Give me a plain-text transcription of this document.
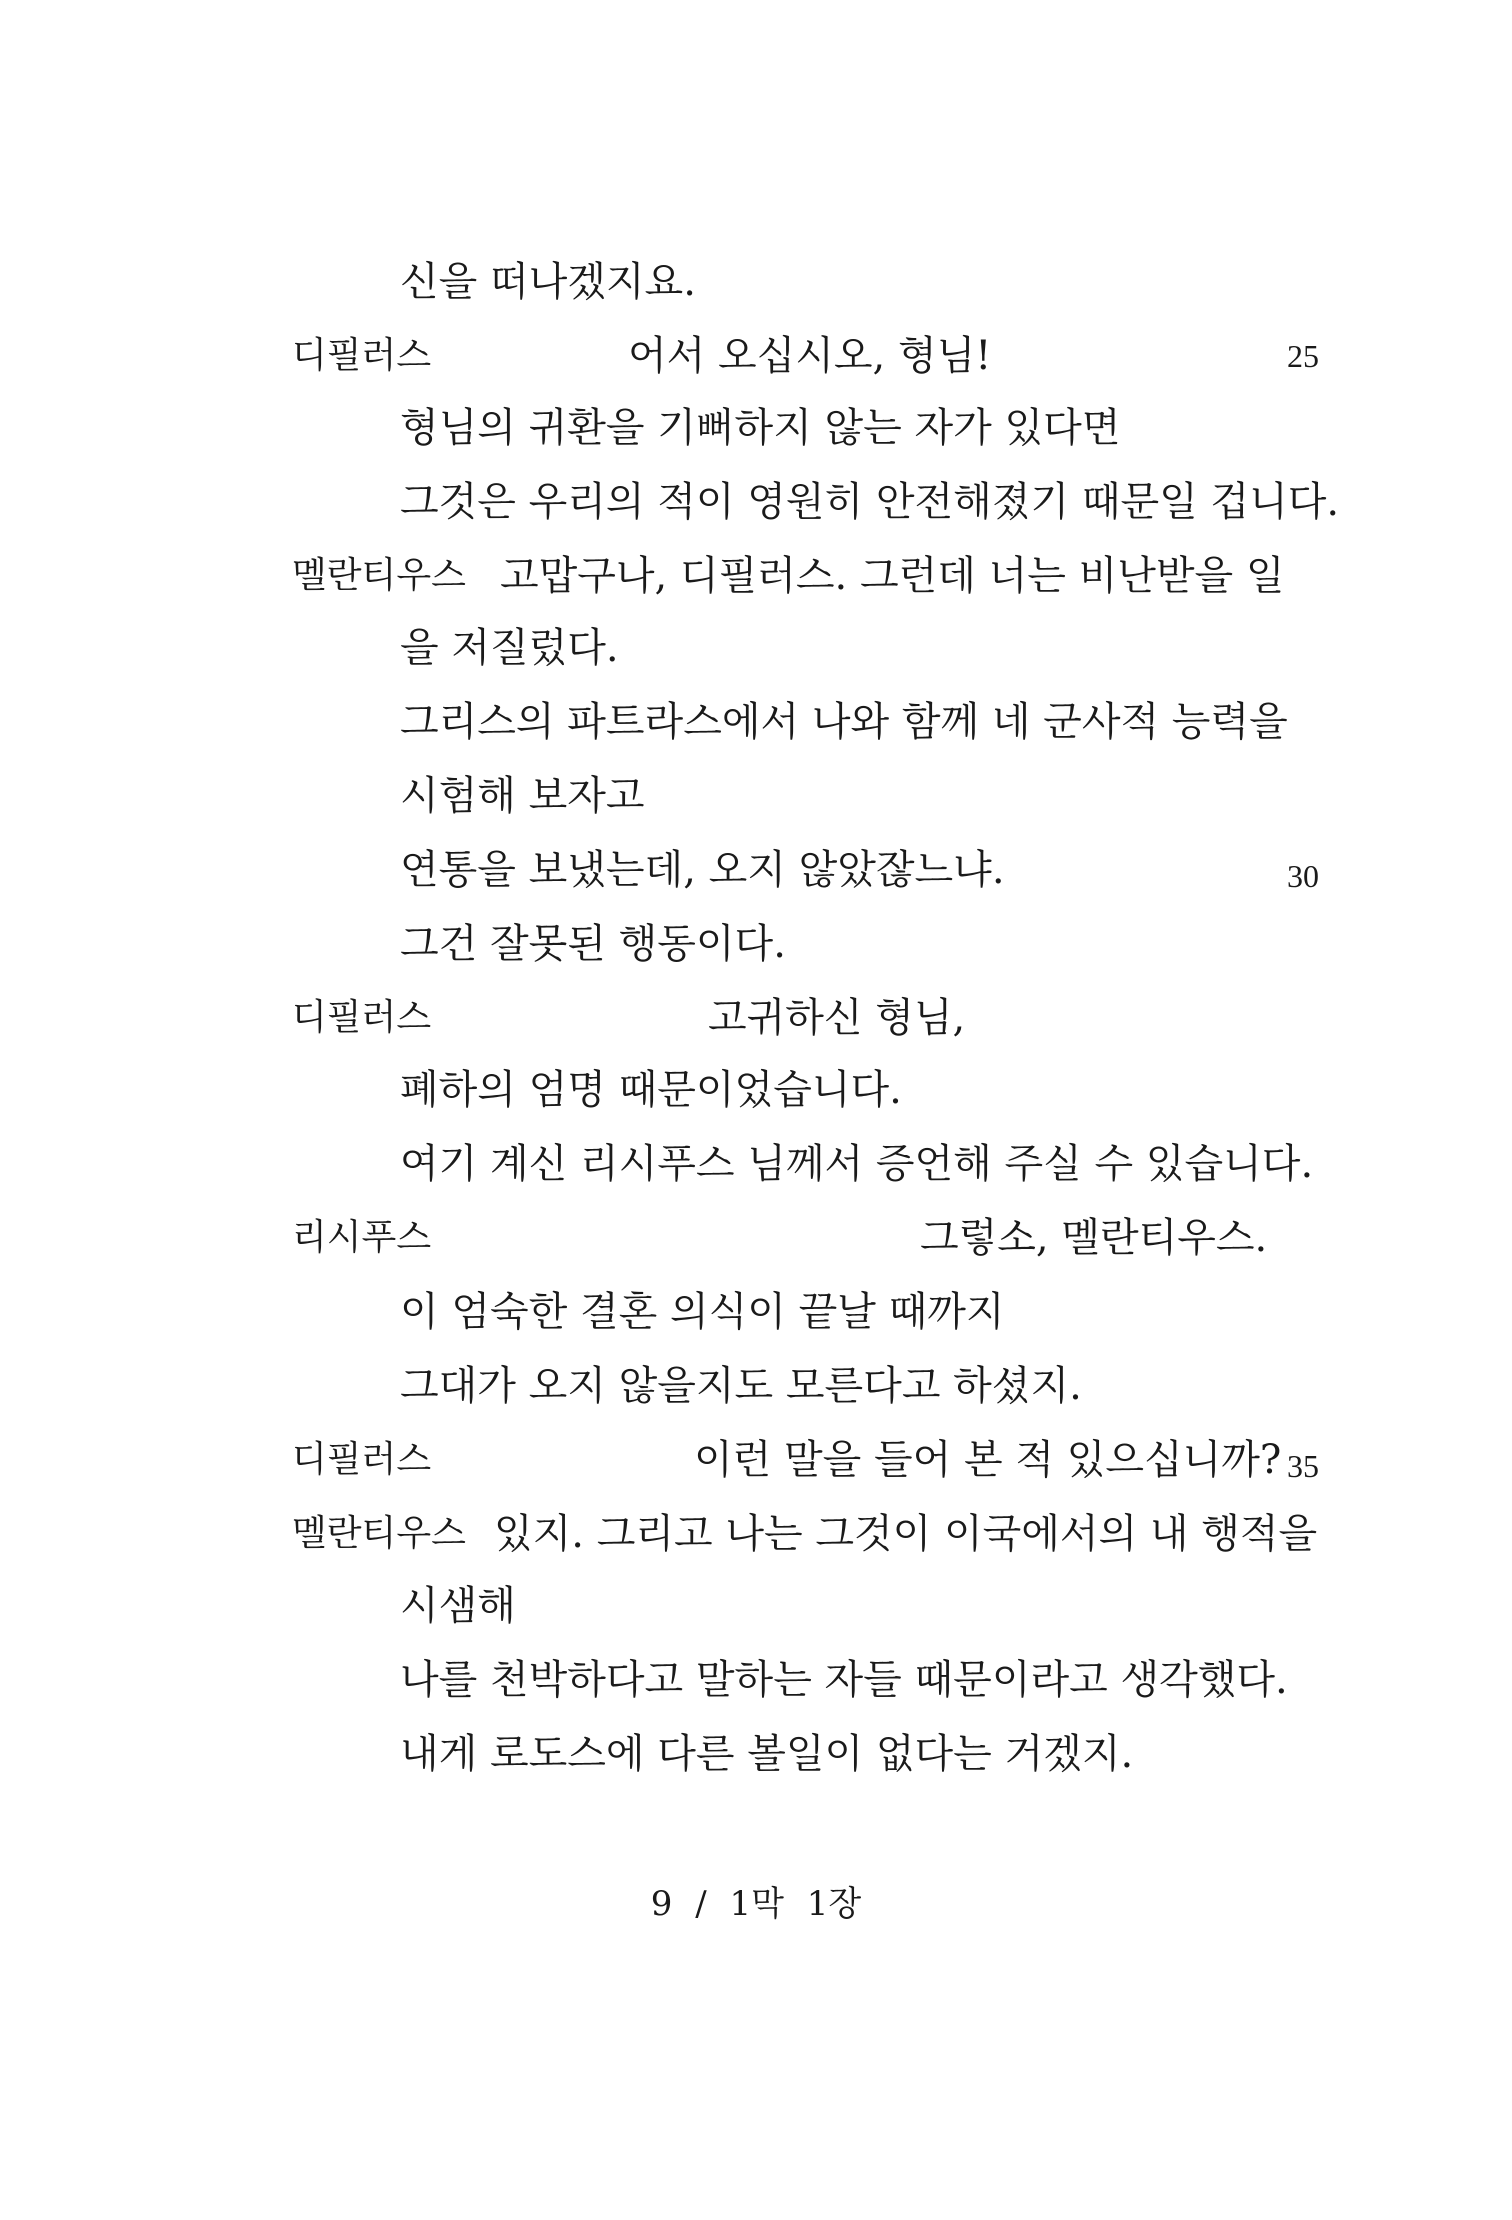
신을 떠나겠지요.
디필러스	어서 오십시오, 형님!	25
형님의 귀환을 기뻐하지 않는 자가 있다면
그것은 우리의 적이 영원히 안전해졌기 때문일 겁니다.
멜란티우스 고맙구나, 디필러스. 그런데 너는 비난받을 일
을 저질렀다.
그리스의 파트라스에서 나와 함께 네 군사적 능력을
시험해 보자고
연통을 보냈는데, 오지 않았잖느냐.	30
그건 잘못된 행동이다.
디필러스	고귀하신 형님,
폐하의 엄명 때문이었습니다.
여기 계신 리시푸스 님께서 증언해 주실 수 있습니다.
리시푸스	그렇소, 멜란티우스.
이 엄숙한 결혼 의식이 끝날 때까지
그대가 오지 않을지도 모른다고 하셨지.
디필러스	이런 말을 들어 본 적 있으십니까? 35
멜란티우스 있지. 그리고 나는 그것이 이국에서의 내 행적을
시샘해
나를 천박하다고 말하는 자들 때문이라고 생각했다.
내게 로도스에 다른 볼일이 없다는 거겠지.
9 / 1막 1장
